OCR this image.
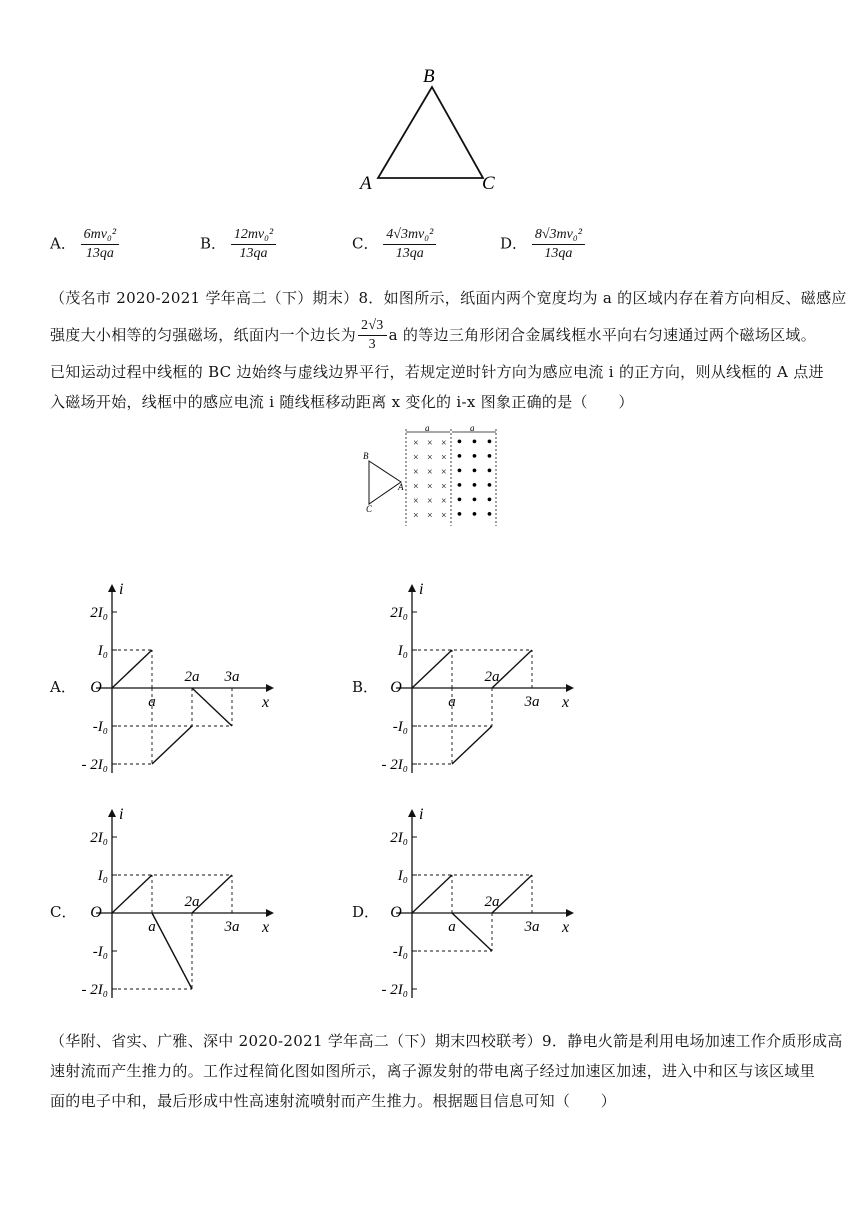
B
A	C
A． $\frac{\text{6mv₀²}}{13qa}$	B． $\frac{\text{12mv₀²}}{13qa}$	C． $\frac{\text{4√3mv₀²}}{13qa}$	D． $\frac{\text{8√3mv₀²}}{13qa}$
（茂名市 2020-2021 学年高二（下）期末）8．如图所示，纸面内两个宽度均为 a 的区域内存在着方向相反、磁感应
强度大小相等的匀强磁场，纸面内一个边长为 $\frac{2√3}{3}$ a 的等边三角形闭合金属线框水平向右匀速通过两个磁场区域。
已知运动过程中线框的 BC 边始终与虚线边界平行，若规定逆时针方向为感应电流 i 的正方向，则从线框的 A 点进
入磁场开始，线框中的感应电流 i 随线框移动距离 x 变化的 i-x 图象正确的是（　　）
a	a
× × × • • •
× × × • • •
× × × • • •
× × × • • •
× × × • • •
× × × • • •
B
A
C
A．	B．
C．	D．
i
x
O
2I₀
I₀
-I₀
- 2I₀
a
2a 3a
i
x
O
2I₀
I₀
-I₀
- 2I₀
a
2a
3a
i
x
O
2I₀
I₀
-I₀
- 2I₀
a
2a
3a
i
x
O
2I₀
I₀
-I₀
- 2I₀
a
2a
3a
（华附、省实、广雅、深中 2020-2021 学年高二（下）期末四校联考）9．静电火箭是利用电场加速工作介质形成高
速射流而产生推力的。工作过程简化图如图所示，离子源发射的带电离子经过加速区加速，进入中和区与该区域里
面的电子中和，最后形成中性高速射流喷射而产生推力。根据题目信息可知（　　）
